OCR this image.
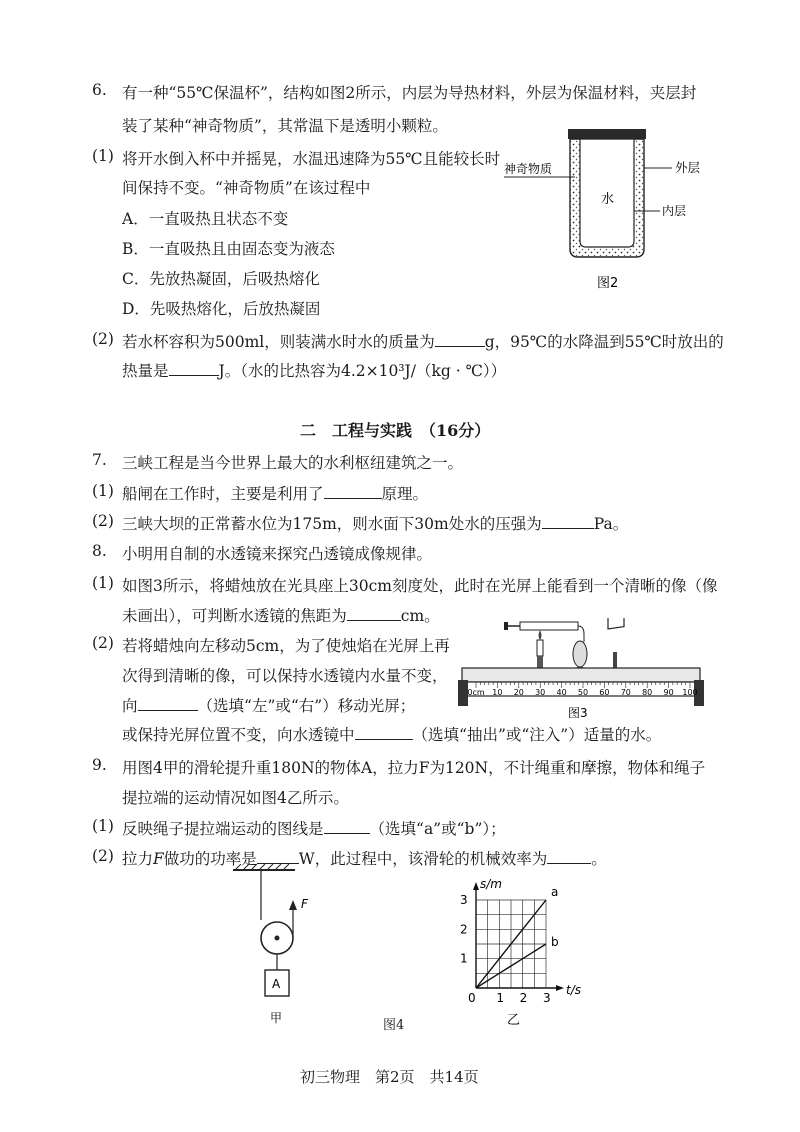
6. 有一种“55℃保温杯”，结构如图2所示，内层为导热材料，外层为保温材料，夹层封
装了某种“神奇物质”，其常温下是透明小颗粒。
(1) 将开水倒入杯中并摇晃，水温迅速降为55℃且能较长时
间保持不变。“神奇物质”在该过程中
A．一直吸热且状态不变
B．一直吸热且由固态变为液态
C．先放热凝固，后吸热熔化
D．先吸热熔化，后放热凝固
神奇物质	外层
内层
水
图2
(2) 若水杯容积为500ml，则装满水时水的质量为	g，95℃的水降温到55℃时放出的
热量是	J。（水的比热容为4.2×10³J/（kg · ℃））
二　工程与实践　（16分）
7. 三峡工程是当今世界上最大的水利枢纽建筑之一。
(1) 船闸在工作时，主要是利用了	原理。
(2) 三峡大坝的正常蓄水位为175m，则水面下30m处水的压强为	Pa。
8. 小明用自制的水透镜来探究凸透镜成像规律。
(1) 如图3所示，将蜡烛放在光具座上30cm刻度处，此时在光屏上能看到一个清晰的像（像
未画出），可判断水透镜的焦距为	cm。
(2) 若将蜡烛向左移动5cm，为了使烛焰在光屏上再
次得到清晰的像，可以保持水透镜内水量不变，
向	（选填“左”或“右”）移动光屏；
或保持光屏位置不变，向水透镜中	（选填“抽出”或“注入”）适量的水。
0cm 10 20 30 40 50 60 70 80 90 100
图3
9. 用图4甲的滑轮提升重180N的物体A，拉力F为120N，不计绳重和摩擦，物体和绳子
提拉端的运动情况如图4乙所示。
(1) 反映绳子提拉端运动的图线是	（选填“a”或“b”）；
(2) 拉力F做功的功率是	W，此过程中，该滑轮的机械效率为	。
F
A
甲	图4
a
b
0 1 2 3
1
2
3
s/m
t/s
乙
初三物理　第2页　共14页
